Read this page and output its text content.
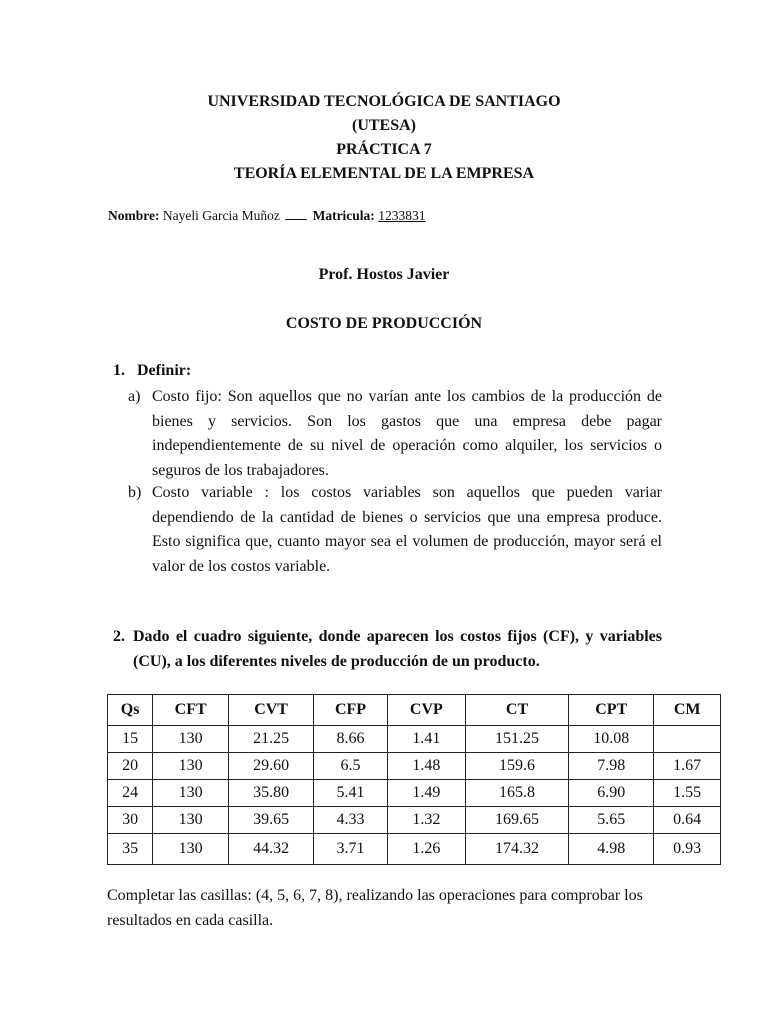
UNIVERSIDAD TECNOLÓGICA DE SANTIAGO
(UTESA)
PRÁCTICA 7
TEORÍA ELEMENTAL DE LA EMPRESA
Nombre: Nayeli Garcia Muñoz Matricula: 1233831
Prof. Hostos Javier
COSTO DE PRODUCCIÓN
1. Definir:
a) Costo fijo: Son aquellos que no varían ante los cambios de la producción de bienes y servicios. Son los gastos que una empresa debe pagar independientemente de su nivel de operación como alquiler, los servicios o seguros de los trabajadores.
b) Costo variable : los costos variables son aquellos que pueden variar dependiendo de la cantidad de bienes o servicios que una empresa produce. Esto significa que, cuanto mayor sea el volumen de producción, mayor será el valor de los costos variable.
2. Dado el cuadro siguiente, donde aparecen los costos fijos (CF), y variables (CU), a los diferentes niveles de producción de un producto.
Qs	CFT	CVT	CFP	CVP	CT	CPT	CM
15	130	21.25	8.66	1.41	151.25	10.08	
20	130	29.60	6.5	1.48	159.6	7.98	1.67
24	130	35.80	5.41	1.49	165.8	6.90	1.55
30	130	39.65	4.33	1.32	169.65	5.65	0.64
35	130	44.32	3.71	1.26	174.32	4.98	0.93
Completar las casillas: (4, 5, 6, 7, 8), realizando las operaciones para comprobar los resultados en cada casilla.
